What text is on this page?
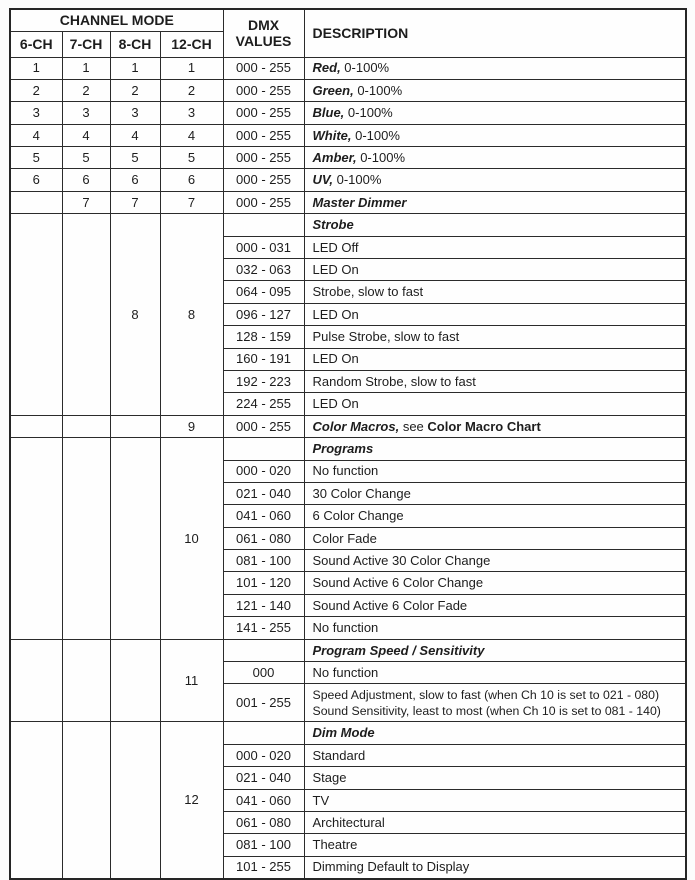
CHANNEL MODE				DMX
VALUES	DESCRIPTION
6-CH	7-CH	8-CH	12-CH		
1	1	1	1	000 - 255	Red, 0-100%
2	2	2	2	000 - 255	Green, 0-100%
3	3	3	3	000 - 255	Blue, 0-100%
4	4	4	4	000 - 255	White, 0-100%
5	5	5	5	000 - 255	Amber, 0-100%
6	6	6	6	000 - 255	UV, 0-100%
	7	7	7	000 - 255	Master Dimmer
		8	8		Strobe
				000 - 031	LED Off
				032 - 063	LED On
				064 - 095	Strobe, slow to fast
				096 - 127	LED On
				128 - 159	Pulse Strobe, slow to fast
				160 - 191	LED On
				192 - 223	Random Strobe, slow to fast
				224 - 255	LED On
			9	000 - 255	Color Macros, see Color Macro Chart
			10		Programs
				000 - 020	No function
				021 - 040	30 Color Change
				041 - 060	6 Color Change
				061 - 080	Color Fade
				081 - 100	Sound Active 30 Color Change
				101 - 120	Sound Active 6 Color Change
				121 - 140	Sound Active 6 Color Fade
				141 - 255	No function
			11		Program Speed / Sensitivity
				000	No function
				001 - 255	Speed Adjustment, slow to fast (when Ch 10 is set to 021 - 080)
Sound Sensitivity, least to most (when Ch 10 is set to 081 - 140)

			12		Dim Mode
				000 - 020	Standard
				021 - 040	Stage
				041 - 060	TV
				061 - 080	Architectural
				081 - 100	Theatre
				101 - 255	Dimming Default to Display
